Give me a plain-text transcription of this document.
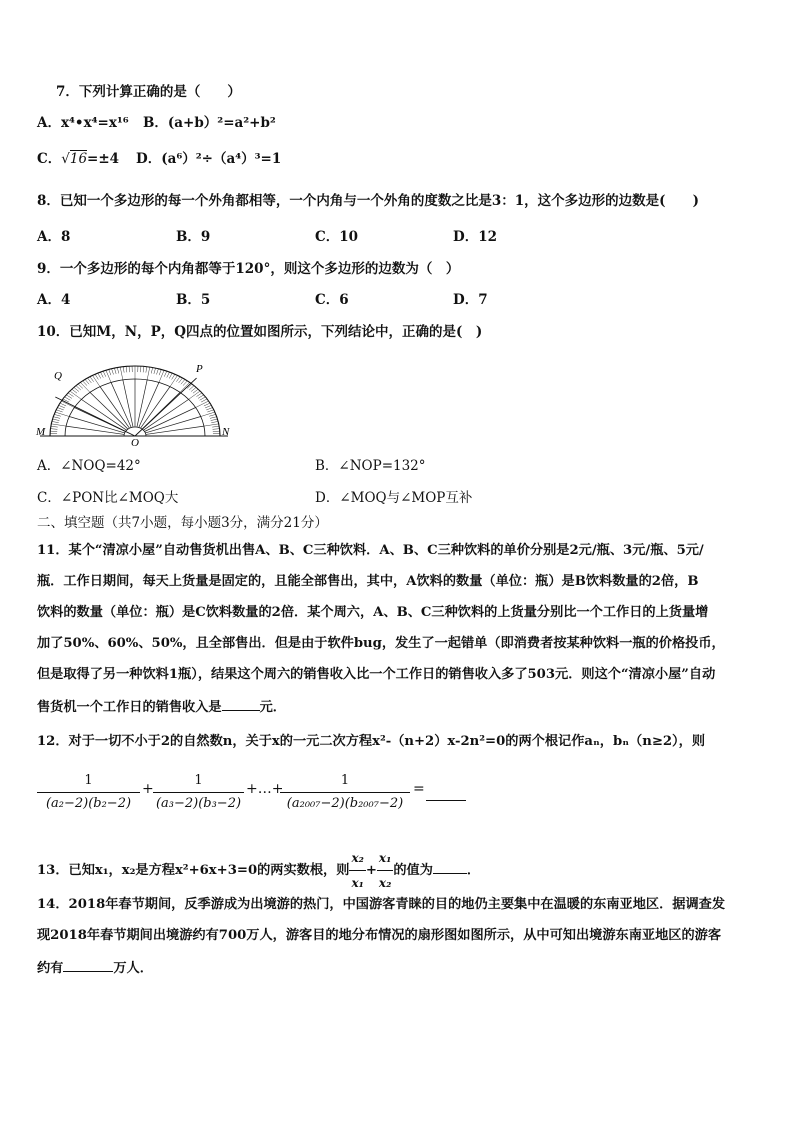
7．下列计算正确的是（　　）
A．x⁴•x⁴=x¹⁶ B．(a+b）²=a²+b²
C．√16=±4 D．(a⁶）²÷（a⁴）³=1
8．已知一个多边形的每一个外角都相等，一个内角与一个外角的度数之比是3：1，这个多边形的边数是(　　)
A．8	B．9	C．10	D．12
9．一个多边形的每个内角都等于120°，则这个多边形的边数为（　）
A．4	B．5	C．6	D．7
10．已知M，N，P，Q四点的位置如图所示，下列结论中，正确的是(　)
Q
P
M	N
O
A．∠NOQ=42°	B．∠NOP=132°
C．∠PON比∠MOQ大	D．∠MOQ与∠MOP互补
二、填空题（共7小题，每小题3分，满分21分）
11．某个“清凉小屋”自动售货机出售A、B、C三种饮料．A、B、C三种饮料的单价分别是2元/瓶、3元/瓶、5元/
瓶．工作日期间，每天上货量是固定的，且能全部售出，其中，A饮料的数量（单位：瓶）是B饮料数量的2倍，B
饮料的数量（单位：瓶）是C饮料数量的2倍．某个周六，A、B、C三种饮料的上货量分别比一个工作日的上货量增
加了50%、60%、50%，且全部售出．但是由于软件bug，发生了一起错单（即消费者按某种饮料一瓶的价格投币，
但是取得了另一种饮料1瓶），结果这个周六的销售收入比一个工作日的销售收入多了503元．则这个“清凉小屋”自动
售货机一个工作日的销售收入是	元．
12．对于一切不小于2的自然数n，关于x的一元二次方程x²-（n+2）x-2n²=0的两个根记作aₙ，bₙ（n≥2），则
$\frac{1}{\text{(a₂−2)(b₂−2)}} + \frac{1}{\text{(a₃−2)(b₃−2)}}$ +…+
$\frac{1}{\text{(a₂₀₀₇−2)(b₂₀₀₇−2)}}$ =
13．已知x₁，x₂是方程x²+6x+3=0的两实数根，则 $\frac{\text{x₂}}{\text{x₁}} + \frac{\text{x₁}}{\text{x₂}}$ 的值为	．
14．2018年春节期间，反季游成为出境游的热门，中国游客青睐的目的地仍主要集中在温暖的东南亚地区．据调查发
现2018年春节期间出境游约有700万人，游客目的地分布情况的扇形图如图所示，从中可知出境游东南亚地区的游客
约有	万人．
